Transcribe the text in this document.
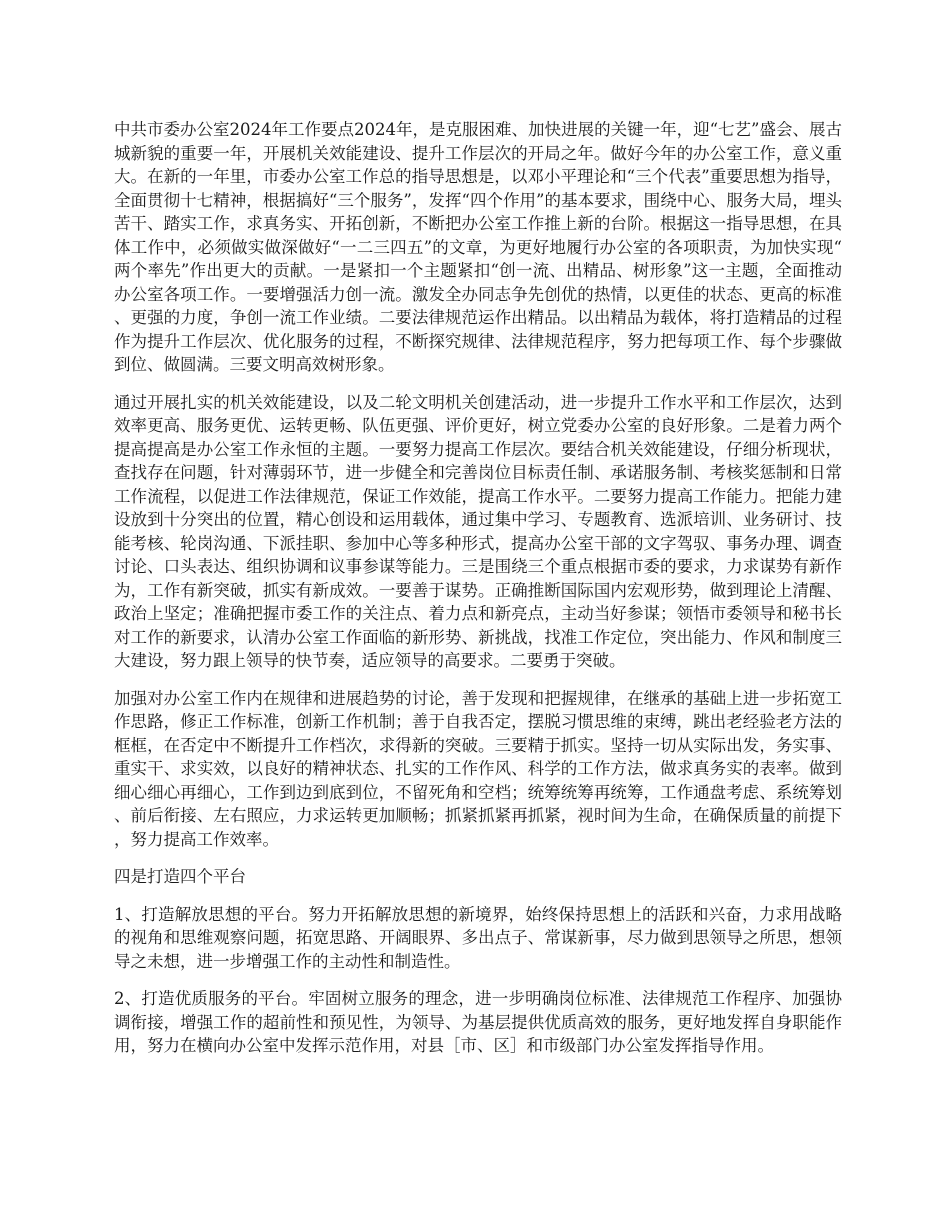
中共市委办公室2024年工作要点2024年，是克服困难、加快进展的关键一年，迎“七艺”盛会、展古城新貌的重要一年，开展机关效能建设、提升工作层次的开局之年。做好今年的办公室工作，意义重大。在新的一年里，市委办公室工作总的指导思想是，以邓小平理论和“三个代表”重要思想为指导，全面贯彻十七精神，根据搞好“三个服务”，发挥“四个作用”的基本要求，围绕中心、服务大局，埋头苦干、踏实工作，求真务实、开拓创新，不断把办公室工作推上新的台阶。根据这一指导思想，在具体工作中，必须做实做深做好“一二三四五”的文章，为更好地履行办公室的各项职责，为加快实现“两个率先”作出更大的贡献。一是紧扣一个主题紧扣“创一流、出精品、树形象”这一主题，全面推动办公室各项工作。一要增强活力创一流。激发全办同志争先创优的热情，以更佳的状态、更高的标准、更强的力度，争创一流工作业绩。二要法律规范运作出精品。以出精品为载体，将打造精品的过程作为提升工作层次、优化服务的过程，不断探究规律、法律规范程序，努力把每项工作、每个步骤做到位、做圆满。三要文明高效树形象。

通过开展扎实的机关效能建设，以及二轮文明机关创建活动，进一步提升工作水平和工作层次，达到效率更高、服务更优、运转更畅、队伍更强、评价更好，树立党委办公室的良好形象。二是着力两个提高提高是办公室工作永恒的主题。一要努力提高工作层次。要结合机关效能建设，仔细分析现状，查找存在问题，针对薄弱环节，进一步健全和完善岗位目标责任制、承诺服务制、考核奖惩制和日常工作流程，以促进工作法律规范，保证工作效能，提高工作水平。二要努力提高工作能力。把能力建设放到十分突出的位置，精心创设和运用载体，通过集中学习、专题教育、选派培训、业务研讨、技能考核、轮岗沟通、下派挂职、参加中心等多种形式，提高办公室干部的文字驾驭、事务办理、调查讨论、口头表达、组织协调和议事参谋等能力。三是围绕三个重点根据市委的要求，力求谋势有新作为，工作有新突破，抓实有新成效。一要善于谋势。正确推断国际国内宏观形势，做到理论上清醒、政治上坚定；准确把握市委工作的关注点、着力点和新亮点，主动当好参谋；领悟市委领导和秘书长对工作的新要求，认清办公室工作面临的新形势、新挑战，找准工作定位，突出能力、作风和制度三大建设，努力跟上领导的快节奏，适应领导的高要求。二要勇于突破。

加强对办公室工作内在规律和进展趋势的讨论，善于发现和把握规律，在继承的基础上进一步拓宽工作思路，修正工作标准，创新工作机制；善于自我否定，摆脱习惯思维的束缚，跳出老经验老方法的框框，在否定中不断提升工作档次，求得新的突破。三要精于抓实。坚持一切从实际出发，务实事、重实干、求实效，以良好的精神状态、扎实的工作作风、科学的工作方法，做求真务实的表率。做到细心细心再细心，工作到边到底到位，不留死角和空档；统筹统筹再统筹，工作通盘考虑、系统筹划、前后衔接、左右照应，力求运转更加顺畅；抓紧抓紧再抓紧，视时间为生命，在确保质量的前提下，努力提高工作效率。

四是打造四个平台

1、打造解放思想的平台。努力开拓解放思想的新境界，始终保持思想上的活跃和兴奋，力求用战略的视角和思维观察问题，拓宽思路、开阔眼界、多出点子、常谋新事，尽力做到思领导之所思，想领导之未想，进一步增强工作的主动性和制造性。

2、打造优质服务的平台。牢固树立服务的理念，进一步明确岗位标准、法律规范工作程序、加强协调衔接，增强工作的超前性和预见性，为领导、为基层提供优质高效的服务，更好地发挥自身职能作用，努力在横向办公室中发挥示范作用，对县［市、区］和市级部门办公室发挥指导作用。
